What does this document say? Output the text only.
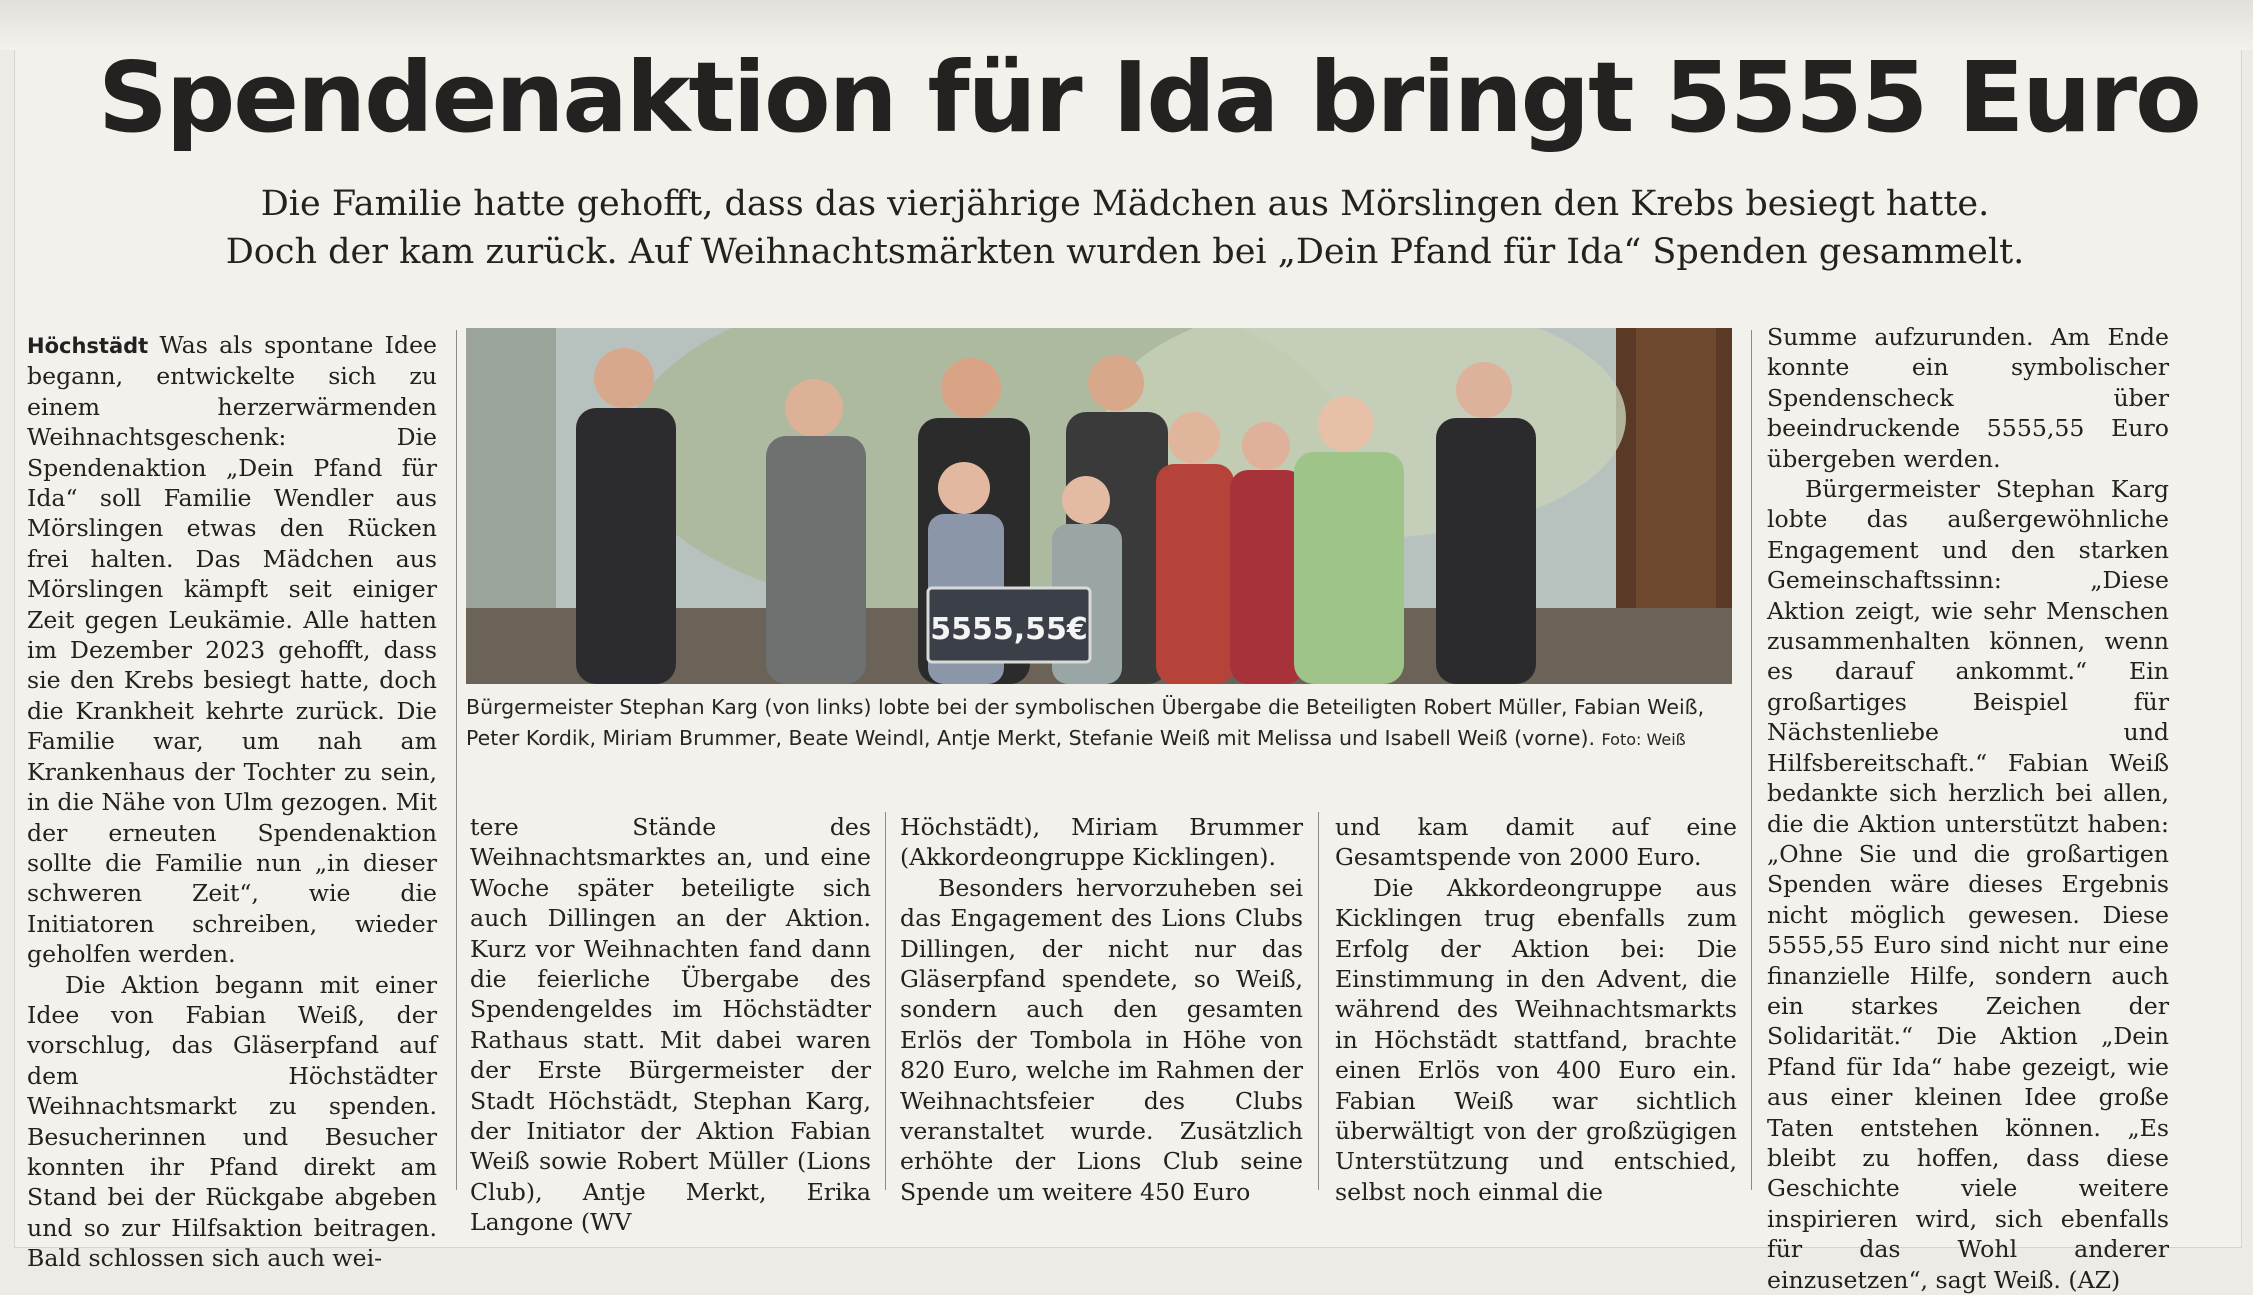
Spendenaktion für Ida bringt 5555 Euro
Die Familie hatte gehofft, dass das vierjährige Mädchen aus Mörslingen den Krebs besiegt hatte.
Doch der kam zurück. Auf Weihnachtsmärkten wurden bei „Dein Pfand für Ida“ Spenden gesammelt.

Höchstädt Was als spontane Idee begann, entwickelte sich zu einem herzerwärmenden Weihnachtsgeschenk: Die Spendenaktion „Dein Pfand für Ida“ soll Familie Wendler aus Mörslingen etwas den Rücken frei halten. Das Mädchen aus Mörslingen kämpft seit einiger Zeit gegen Leukämie. Alle hatten im Dezember 2023 gehofft, dass sie den Krebs besiegt hatte, doch die Krankheit kehrte zurück. Die Familie war, um nah am Krankenhaus der Tochter zu sein, in die Nähe von Ulm gezogen. Mit der erneuten Spendenaktion sollte die Familie nun „in dieser schweren Zeit“, wie die Initiatoren schreiben, wieder geholfen werden.

Die Aktion begann mit einer Idee von Fabian Weiß, der vorschlug, das Gläserpfand auf dem Höchstädter Weihnachtsmarkt zu spenden. Besucherinnen und Besucher konnten ihr Pfand direkt am Stand bei der Rückgabe abgeben und so zur Hilfsaktion beitragen. Bald schlossen sich auch wei-

5555,55€
Bürgermeister Stephan Karg (von links) lobte bei der symbolischen Übergabe die Beteiligten Robert Müller, Fabian Weiß, Peter Kordik, Miriam Brummer, Beate Weindl, Antje Merkt, Stefanie Weiß mit Melissa und Isabell Weiß (vorne). Foto: Weiß

tere Stände des Weihnachtsmarktes an, und eine Woche später beteiligte sich auch Dillingen an der Aktion. Kurz vor Weihnachten fand dann die feierliche Übergabe des Spendengeldes im Höchstädter Rathaus statt. Mit dabei waren der Erste Bürgermeister der Stadt Höchstädt, Stephan Karg, der Initiator der Aktion Fabian Weiß sowie Robert Müller (Lions Club), Antje Merkt, Erika Langone (WV

Höchstädt), Miriam Brummer (Akkordeongruppe Kicklingen).

Besonders hervorzuheben sei das Engagement des Lions Clubs Dillingen, der nicht nur das Gläserpfand spendete, so Weiß, sondern auch den gesamten Erlös der Tombola in Höhe von 820 Euro, welche im Rahmen der Weihnachtsfeier des Clubs veranstaltet wurde. Zusätzlich erhöhte der Lions Club seine Spende um weitere 450 Euro

und kam damit auf eine Gesamtspende von 2000 Euro.

Die Akkordeongruppe aus Kicklingen trug ebenfalls zum Erfolg der Aktion bei: Die Einstimmung in den Advent, die während des Weihnachtsmarkts in Höchstädt stattfand, brachte einen Erlös von 400 Euro ein. Fabian Weiß war sichtlich überwältigt von der großzügigen Unterstützung und entschied, selbst noch einmal die

Summe aufzurunden. Am Ende konnte ein symbolischer Spendenscheck über beeindruckende 5555,55 Euro übergeben werden.

Bürgermeister Stephan Karg lobte das außergewöhnliche Engagement und den starken Gemeinschaftssinn: „Diese Aktion zeigt, wie sehr Menschen zusammenhalten können, wenn es darauf ankommt.“ Ein großartiges Beispiel für Nächstenliebe und Hilfsbereitschaft.“ Fabian Weiß bedankte sich herzlich bei allen, die die Aktion unterstützt haben: „Ohne Sie und die großartigen Spenden wäre dieses Ergebnis nicht möglich gewesen. Diese 5555,55 Euro sind nicht nur eine finanzielle Hilfe, sondern auch ein starkes Zeichen der Solidarität.“ Die Aktion „Dein Pfand für Ida“ habe gezeigt, wie aus einer kleinen Idee große Taten entstehen können. „Es bleibt zu hoffen, dass diese Geschichte viele weitere inspirieren wird, sich ebenfalls für das Wohl anderer einzusetzen“, sagt Weiß. (AZ)
